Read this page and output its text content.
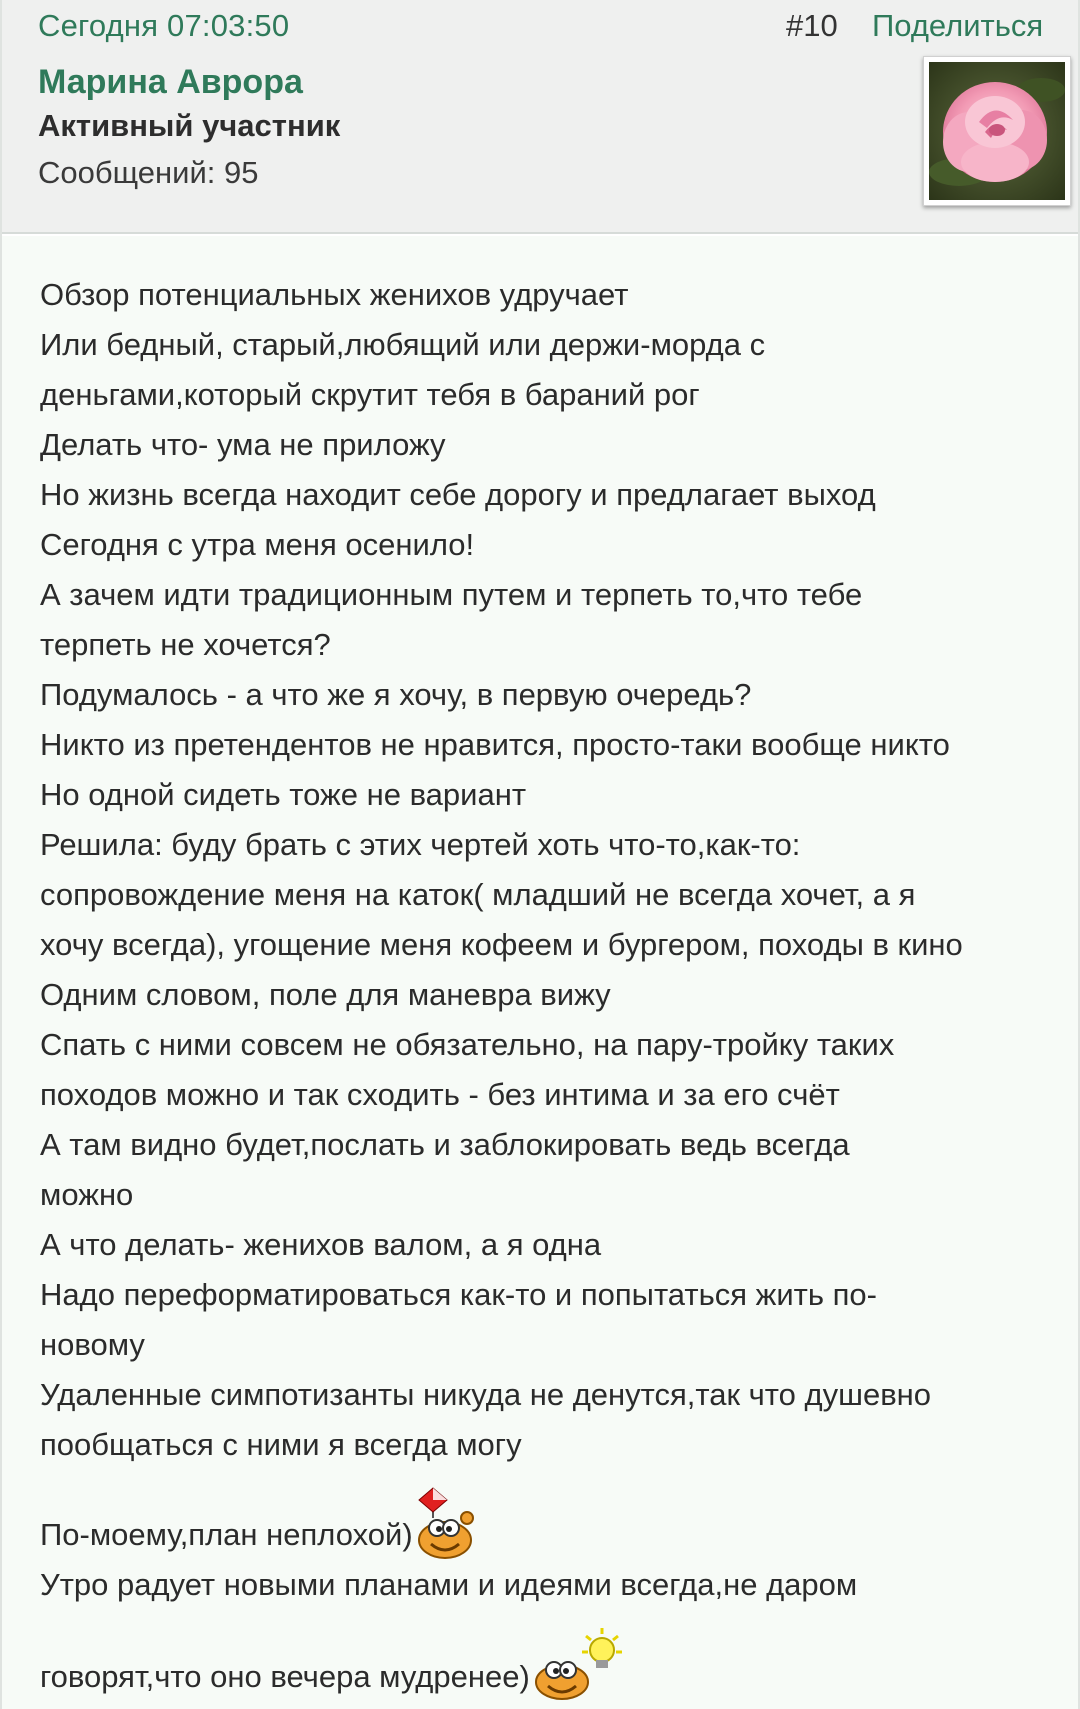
Сегодня 07:03:50	#10 Поделиться
Марина Аврора
Активный участник
Сообщений: 95
Обзор потенциальных женихов удручает
Или бедный, старый,любящий или держи-морда с
деньгами,который скрутит тебя в бараний рог
Делать что- ума не приложу
Но жизнь всегда находит себе дорогу и предлагает выход
Сегодня с утра меня осенило!
А зачем идти традиционным путем и терпеть то,что тебе
терпеть не хочется?
Подумалось - а что же я хочу, в первую очередь?
Никто из претендентов не нравится, просто-таки вообще никто
Но одной сидеть тоже не вариант
Решила: буду брать с этих чертей хоть что-то,как-то:
сопровождение меня на каток( младший не всегда хочет, а я
хочу всегда), угощение меня кофеем и бургером, походы в кино
Одним словом, поле для маневра вижу
Спать с ними совсем не обязательно, на пару-тройку таких
походов можно и так сходить - без интима и за его счёт
А там видно будет,послать и заблокировать ведь всегда
можно
А что делать- женихов валом, а я одна
Надо переформатироваться как-то и попытаться жить по-
новому
Удаленные симпотизанты никуда не денутся,так что душевно
пообщаться с ними я всегда могу
По-моему,план неплохой)
Утро радует новыми планами и идеями всегда,не даром
говорят,что оно вечера мудренее)
